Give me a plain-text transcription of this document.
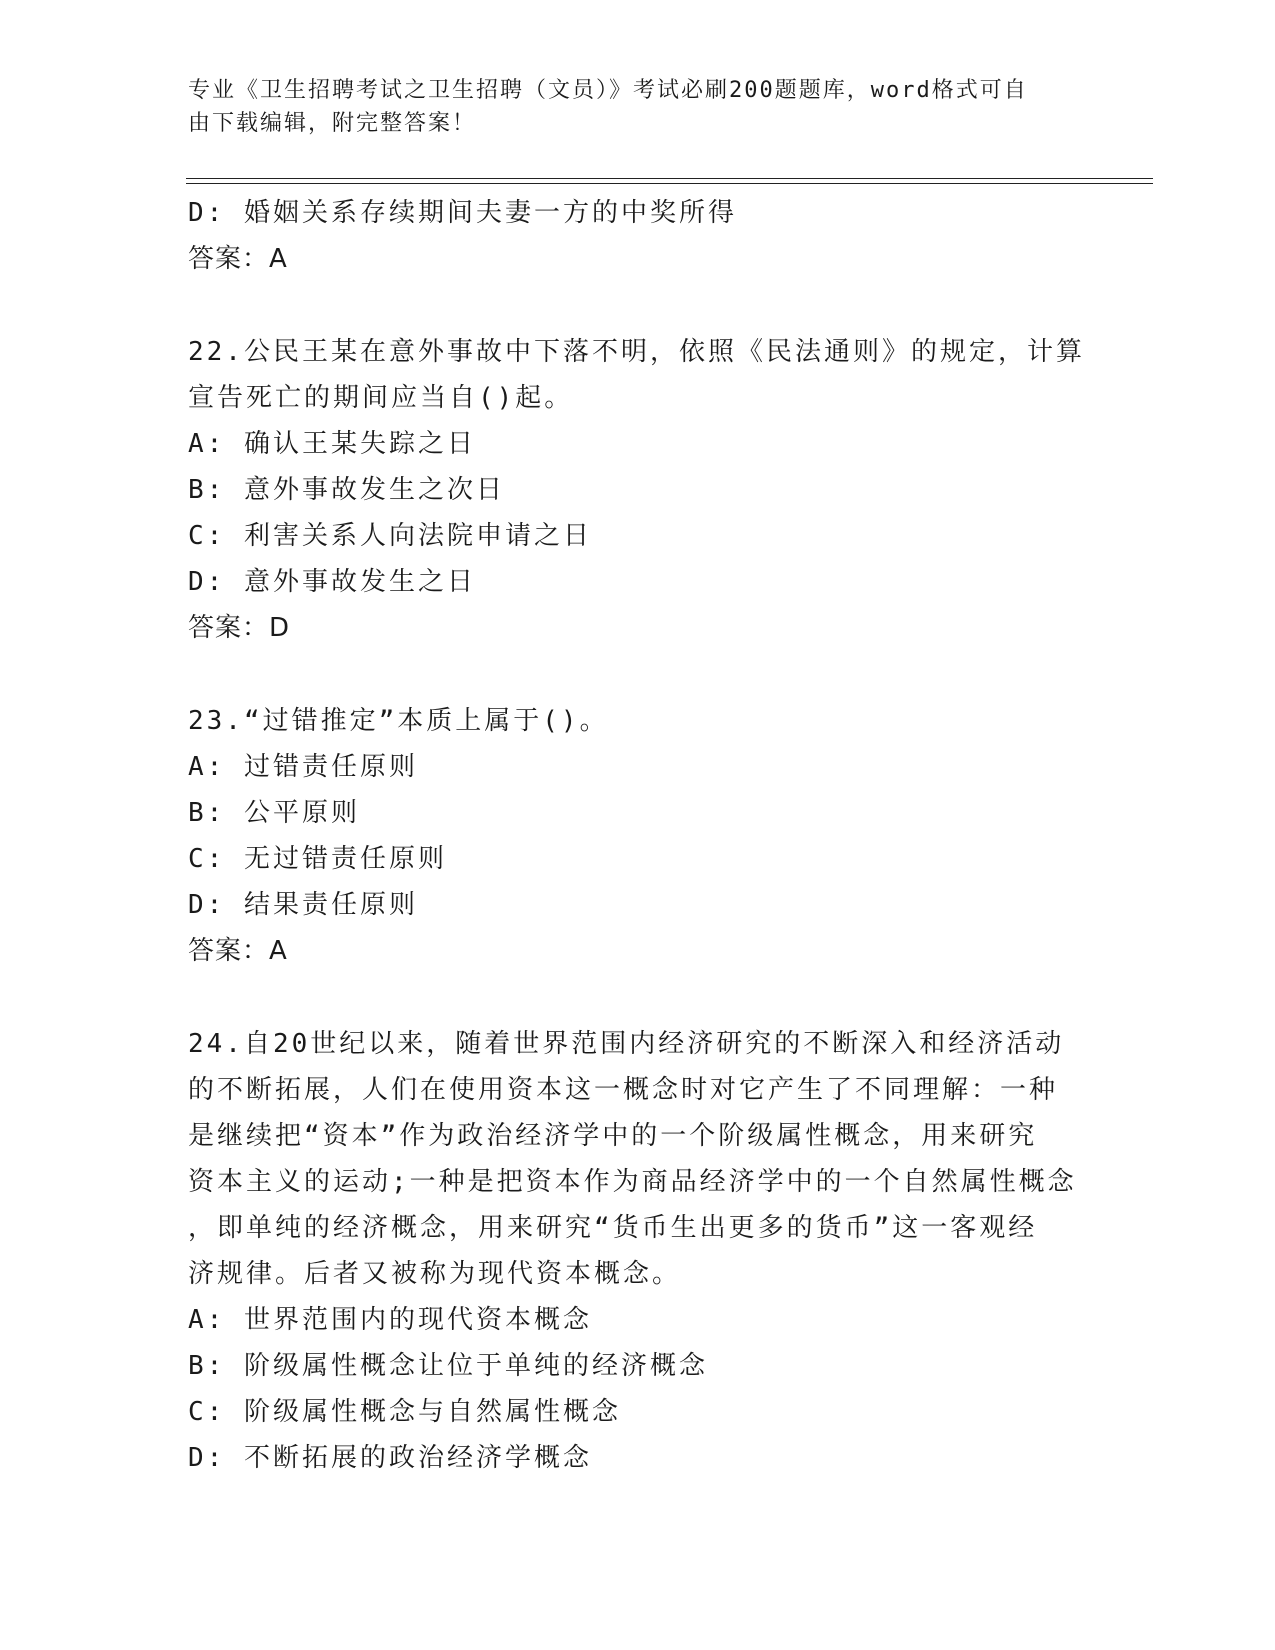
专业《卫生招聘考试之卫生招聘（文员）》考试必刷200题题库，word格式可自
由下载编辑，附完整答案！
D: 婚姻关系存续期间夫妻一方的中奖所得
答案：A
22.公民王某在意外事故中下落不明，依照《民法通则》的规定，计算
宣告死亡的期间应当自()起。
A: 确认王某失踪之日
B: 意外事故发生之次日
C: 利害关系人向法院申请之日
D: 意外事故发生之日
答案：D
23.“过错推定”本质上属于()。
A: 过错责任原则
B: 公平原则
C: 无过错责任原则
D: 结果责任原则
答案：A
24.自20世纪以来，随着世界范围内经济研究的不断深入和经济活动
的不断拓展，人们在使用资本这一概念时对它产生了不同理解：一种
是继续把“资本”作为政治经济学中的一个阶级属性概念，用来研究
资本主义的运动;一种是把资本作为商品经济学中的一个自然属性概念
，即单纯的经济概念，用来研究“货币生出更多的货币”这一客观经
济规律。后者又被称为现代资本概念。
A: 世界范围内的现代资本概念
B: 阶级属性概念让位于单纯的经济概念
C: 阶级属性概念与自然属性概念
D: 不断拓展的政治经济学概念
